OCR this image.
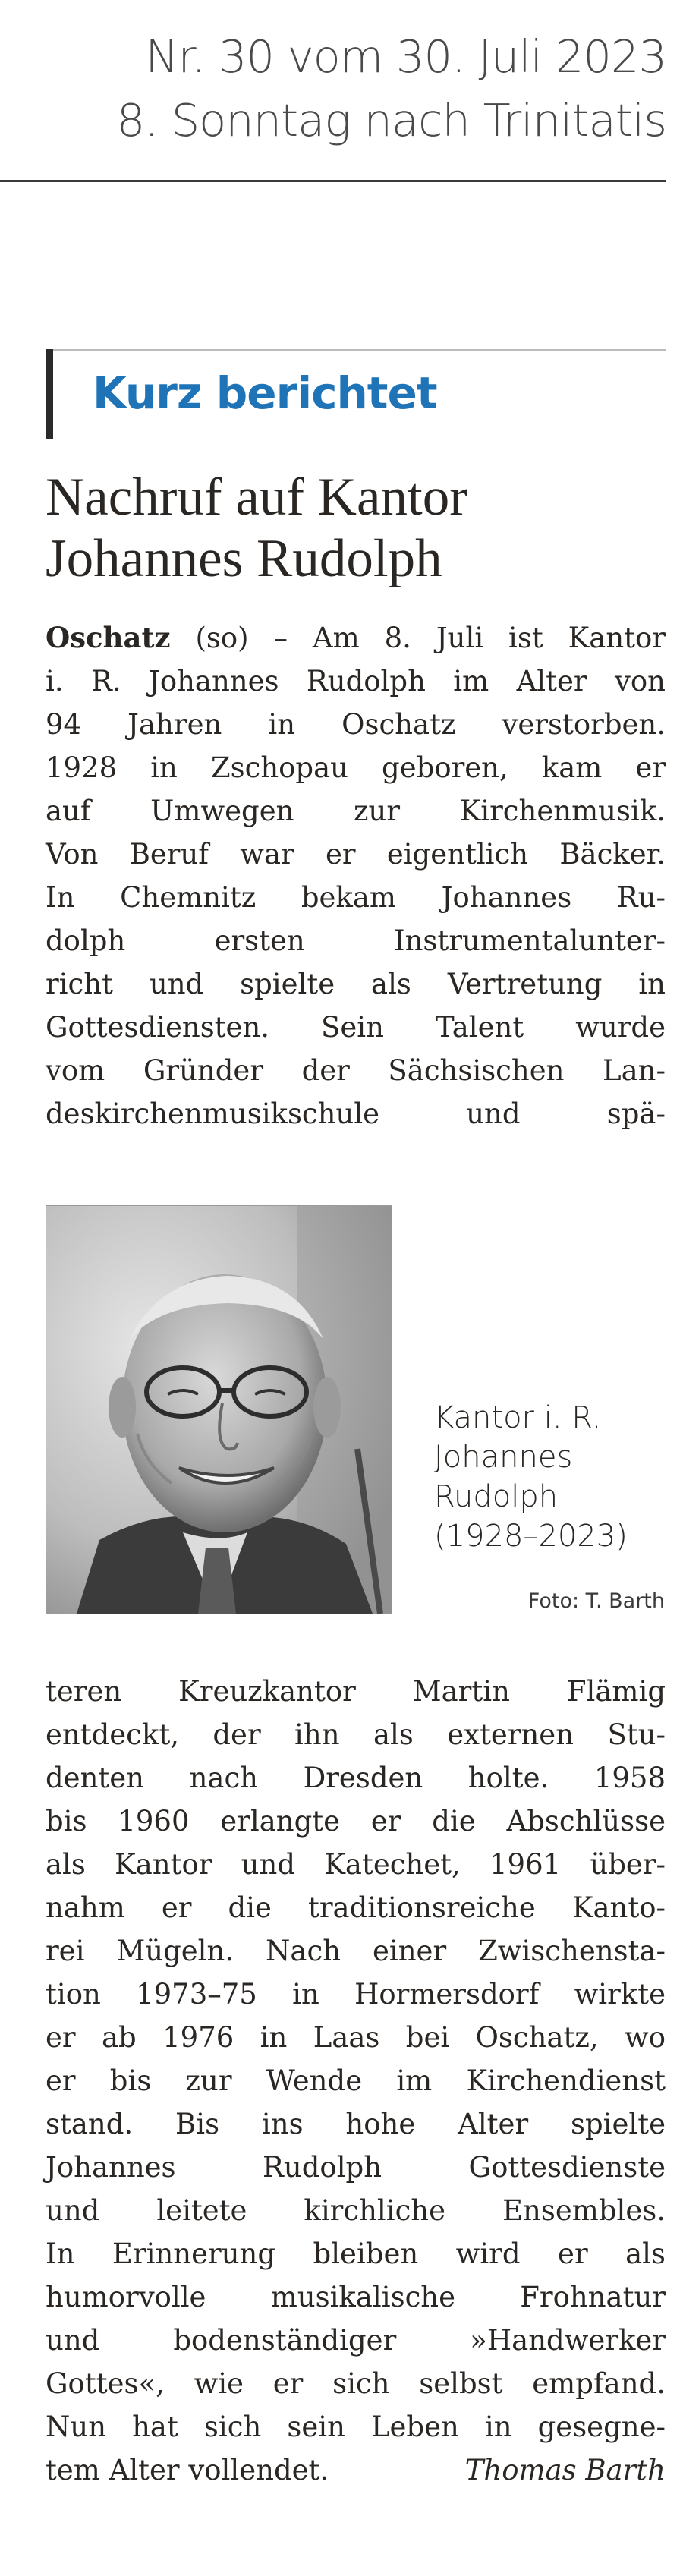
Nr. 30 vom 30. Juli 2023

8. Sonntag nach Trinitatis

Kurz berichtet

Nachruf auf Kantor
Johannes Rudolph
Oschatz (so) – Am 8. Juli ist Kantor
i. R. Johannes Rudolph im Alter von
94 Jahren in Oschatz verstorben.
1928 in Zschopau geboren, kam er
auf Umwegen zur Kirchenmusik.
Von Beruf war er eigentlich Bäcker.
In Chemnitz bekam Johannes Ru-
dolph ersten Instrumentalunter-
richt und spielte als Vertretung in
Gottesdiensten. Sein Talent wurde
vom Gründer der Sächsischen Lan-
deskirchenmusikschule und spä-

Kantor i. R.
Johannes
Rudolph
(1928–2023)

Foto: T. Barth

teren Kreuzkantor Martin Flämig
entdeckt, der ihn als externen Stu-
denten nach Dresden holte. 1958
bis 1960 erlangte er die Abschlüsse
als Kantor und Katechet, 1961 über-
nahm er die traditionsreiche Kanto-
rei Mügeln. Nach einer Zwischensta-
tion 1973–75 in Hormersdorf wirkte
er ab 1976 in Laas bei Oschatz, wo
er bis zur Wende im Kirchendienst
stand. Bis ins hohe Alter spielte
Johannes Rudolph Gottesdienste
und leitete kirchliche Ensembles.
In Erinnerung bleiben wird er als
humorvolle musikalische Frohnatur
und bodenständiger »Handwerker
Gottes«, wie er sich selbst empfand.
Nun hat sich sein Leben in gesegne-
tem Alter vollendet.	Thomas Barth
